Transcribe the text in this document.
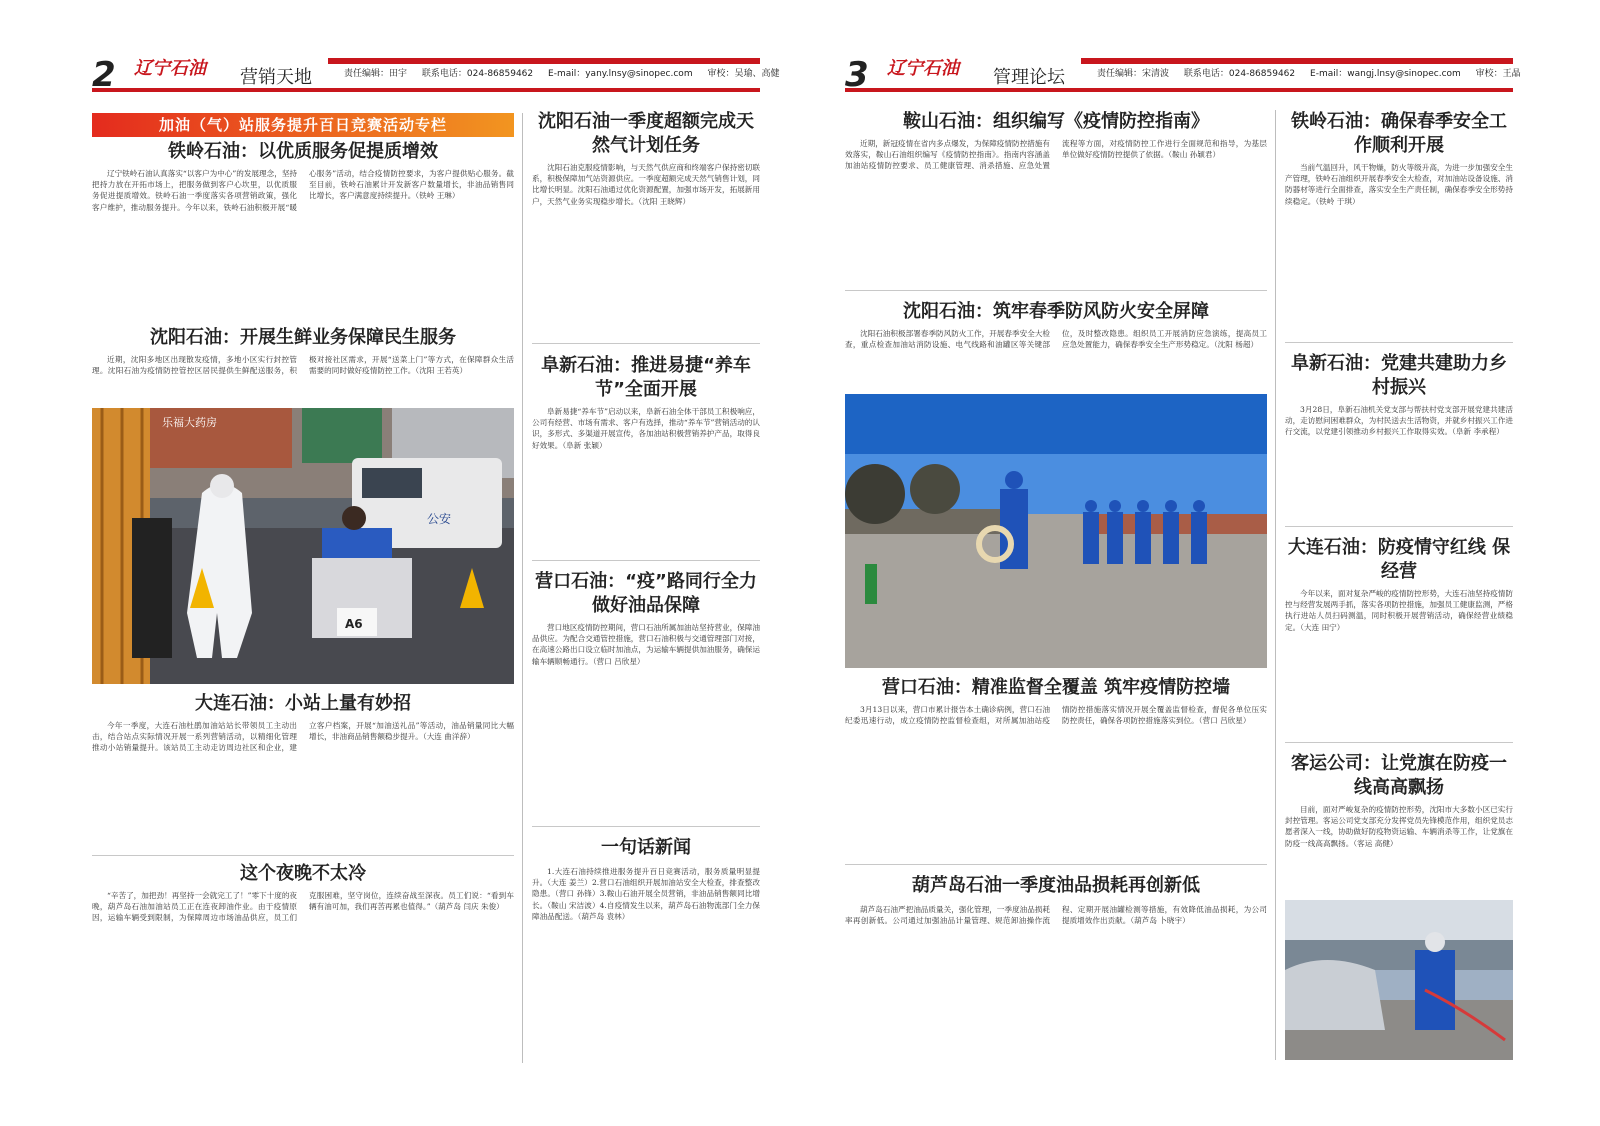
2 辽宁石油 营销天地	责任编辑：田宇 联系电话：024-86859462 E-mail：yany.lnsy@sinopec.com 审校：吴瑜、高健
加油（气）站服务提升百日竞赛活动专栏
铁岭石油：以优质服务促提质增效
辽宁铁岭石油认真落实“以客户为中心”的发展理念，坚持把持力放在开拓市场上，把服务做到客户心坎里，以优质服务促进提质增效。铁岭石油一季度落实各项营销政策，强化客户维护，推动服务提升。今年以来，铁岭石油积极开展“暖心服务”活动，结合疫情防控要求，为客户提供贴心服务。截至目前，铁岭石油累计开发新客户数量增长，非油品销售同比增长，客户满意度持续提升。（铁岭 王琳）
沈阳石油：开展生鲜业务保障民生服务
近期，沈阳多地区出现散发疫情，多地小区实行封控管理。沈阳石油为疫情防控管控区居民提供生鲜配送服务，积极对接社区需求，开展“送菜上门”等方式，在保障群众生活需要的同时做好疫情防控工作。（沈阳 王若英）
公安
乐福大药房
A6
大连石油：小站上量有妙招
今年一季度，大连石油杜鹃加油站站长带领员工主动出击，结合站点实际情况开展一系列营销活动，以精细化管理推动小站销量提升。该站员工主动走访周边社区和企业，建立客户档案，开展“加油送礼品”等活动，油品销量同比大幅增长，非油商品销售额稳步提升。（大连 曲洋辞）
这个夜晚不太冷
“辛苦了，加把劲！再坚持一会就完工了！”零下十度的夜晚，葫芦岛石油加油站员工正在连夜卸油作业。由于疫情原因，运输车辆受到限制，为保障周边市场油品供应，员工们克服困难，坚守岗位，连续奋战至深夜。员工们说：“看到车辆有油可加，我们再苦再累也值得。”（葫芦岛 闫庆 朱俊）
沈阳石油一季度超额完成天然气计划任务
沈阳石油克服疫情影响，与天然气供应商和终端客户保持密切联系，积极保障加气站资源供应。一季度超额完成天然气销售计划，同比增长明显。沈阳石油通过优化资源配置，加强市场开发，拓展新用户，天然气业务实现稳步增长。（沈阳 王晓辉）
阜新石油：推进易捷“养车节”全面开展
阜新易捷“养车节”启动以来，阜新石油全体干部员工积极响应，公司有经营、市场有需求、客户有选择，推动“养车节”营销活动的认识，多形式、多渠道开展宣传，各加油站积极营销养护产品，取得良好效果。（阜新 张颖）
营口石油：“疫”路同行全力做好油品保障
营口地区疫情防控期间，营口石油所属加油站坚持营业，保障油品供应。为配合交通管控措施，营口石油积极与交通管理部门对接，在高速公路出口设立临时加油点，为运输车辆提供加油服务，确保运输车辆顺畅通行。（营口 吕欣星）
一句话新闻
1.大连石油持续推进服务提升百日竞赛活动，服务质量明显提升。（大连 姜兰）2.营口石油组织开展加油站安全大检查，排查整改隐患。（营口 孙锋）3.鞍山石油开展全员营销，非油品销售额同比增长。（鞍山 宋洁波）4.自疫情发生以来，葫芦岛石油物流部门全力保障油品配送。（葫芦岛 袁林）
3 辽宁石油 管理论坛	责任编辑：宋清波 联系电话：024-86859462 E-mail：wangj.lnsy@sinopec.com 审校：王晶
鞍山石油：组织编写《疫情防控指南》
近期，新冠疫情在省内多点爆发，为保障疫情防控措施有效落实，鞍山石油组织编写《疫情防控指南》。指南内容涵盖加油站疫情防控要求、员工健康管理、消杀措施、应急处置流程等方面，对疫情防控工作进行全面规范和指导，为基层单位做好疫情防控提供了依据。（鞍山 孙颖君）
沈阳石油：筑牢春季防风防火安全屏障
沈阳石油积极部署春季防风防火工作，开展春季安全大检查，重点检查加油站消防设施、电气线路和油罐区等关键部位，及时整改隐患。组织员工开展消防应急演练，提高员工应急处置能力，确保春季安全生产形势稳定。（沈阳 杨超）
营口石油：精准监督全覆盖 筑牢疫情防控墙
3月13日以来，营口市累计报告本土确诊病例，营口石油纪委迅速行动，成立疫情防控监督检查组，对所属加油站疫情防控措施落实情况开展全覆盖监督检查，督促各单位压实防控责任，确保各项防控措施落实到位。（营口 吕欣星）
葫芦岛石油一季度油品损耗再创新低
葫芦岛石油严把油品质量关，强化管理，一季度油品损耗率再创新低。公司通过加强油品计量管理、规范卸油操作流程、定期开展油罐检测等措施，有效降低油品损耗，为公司提质增效作出贡献。（葫芦岛 卜晓宇）
铁岭石油：确保春季安全工作顺利开展
当前气温回升，风干物燥，防火等级升高，为进一步加强安全生产管理，铁岭石油组织开展春季安全大检查，对加油站设备设施、消防器材等进行全面排查，落实安全生产责任制，确保春季安全形势持续稳定。（铁岭 于琪）
阜新石油：党建共建助力乡村振兴
3月28日，阜新石油机关党支部与帮扶村党支部开展党建共建活动，走访慰问困难群众，为村民送去生活物资，并就乡村振兴工作进行交流，以党建引领推动乡村振兴工作取得实效。（阜新 李承程）
大连石油：防疫情守红线 保经营
今年以来，面对复杂严峻的疫情防控形势，大连石油坚持疫情防控与经营发展两手抓，落实各项防控措施，加强员工健康监测，严格执行进站人员扫码测温，同时积极开展营销活动，确保经营业绩稳定。（大连 田宁）
客运公司：让党旗在防疫一线高高飘扬
目前，面对严峻复杂的疫情防控形势，沈阳市大多数小区已实行封控管理。客运公司党支部充分发挥党员先锋模范作用，组织党员志愿者深入一线，协助做好防疫物资运输、车辆消杀等工作，让党旗在防疫一线高高飘扬。（客运 高健）
